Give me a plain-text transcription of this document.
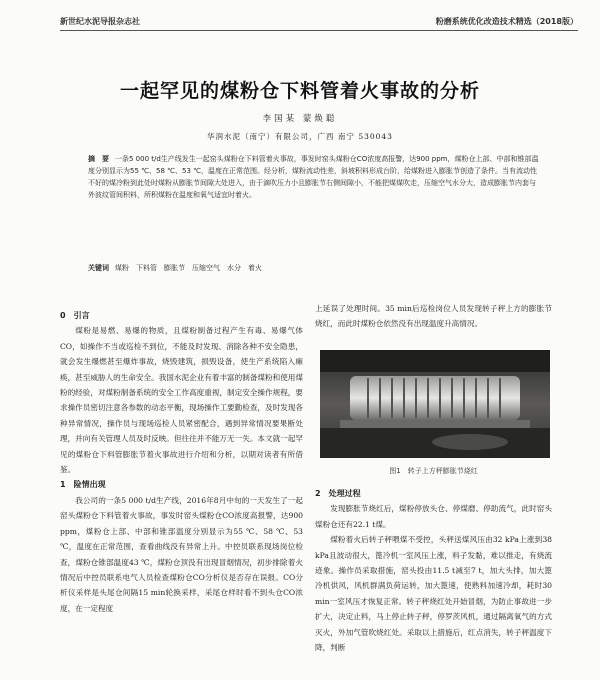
新世纪水泥导报杂志社	粉磨系统优化改造技术精选（2018版）
一起罕见的煤粉仓下料管着火事故的分析
李国某 蒙焕聪
华润水泥（南宁）有限公司，广西 南宁 530043
摘　要 一条5 000 t/d生产线发生一起窑头煤粉仓下料管着火事故，事发时窑头煤粉仓CO浓度高报警，达900 ppm，煤粉仓上部、中部和锥部温度分别显示为55 ℃、58 ℃、53 ℃，温度在正常范围。经分析，煤粉流动性差，斜坡积料形成台阶，给煤粉进入膨胀节创造了条件。当有流动性不好的煤冷粉到此处时煤粉从膨胀节间隙大处进入，由于滴吹压力小且膨胀节右侧间隙小，不能把煤煤吹走，压缩空气水分大，造成膨胀节内套与外波纹管间积料，所积煤粉在温度和氧气适宜时着火。
关键词 煤粉　下料管　膨胀节　压缩空气　水分　着火
0　引言

煤粉是易燃、易爆的物质，且煤粉制备过程产生有毒、易爆气体CO，如操作不当或巡检不到位，不能及时发现、消除各种不安全隐患，就会发生爆燃甚至爆炸事故，烧毁建筑，损毁设备，使生产系统陷入瘫痪，甚至威胁人的生命安全。我国水泥企业有着丰富的制备煤粉和使用煤粉的经验，对煤粉制备系统的安全工作高度重视，制定安全操作规程，要求操作员密切注意各参数的动态平衡，现场操作工要勤检查，及时发现各种异常情况，操作员与现场巡检人员紧密配合，遇到异常情况要果断处理，并向有关管理人员及时反映。但往往并不能万无一失。本文就一起罕见的煤粉仓下料管膨胀节着火事故进行介绍和分析，以期对读者有所借鉴。

1　险情出现

我公司的一条5 000 t/d生产线，2016年8月中旬的一天发生了一起窑头煤粉仓下料管着火事故，事发时窑头煤粉仓CO浓度高报警，达900 ppm，煤粉仓上部、中部和锥部温度分别显示为55 ℃、58 ℃、53 ℃，温度在正常范围，查看曲线没有异常上升。中控员联系现场岗位检查，煤粉仓锥部温度43 ℃，煤粉仓顶没有出现冒烟情况，初步排除着火情况后中控员联系电气人员检查煤粉仓CO分析仪是否存在误报。CO分析仪采样是头尾仓间隔15 min轮换采样，采尾仓样时看不到头仓CO浓度，在一定程度

上延误了处理时间。35 min后巡检岗位人员发现转子秤上方的膨胀节烧红，而此时煤粉仓依然没有出现温度升高情况。

图1　转子上方秤膨胀节烧红
2　处理过程

发现膨胀节烧红后，煤粉停放头仓、停煤磨、停助流气，此时窑头煤粉仓还有22.1 t煤。

煤粉着火后转子秤喂煤不受控，头秤送煤风压由32 kPa上涨到38 kPa且波动很大，篦冷机一室风压上涨，料子发黏，难以推走，有烧流迹象。操作员采取措施，窑头投由11.5 t减至7 t，加大头排，加大篦冷机供风，风机群满负荷运转，加大篦速，使熟料加速冷却，耗时30 min一室风压才恢复正常。转子秤烧红处开始冒烟，为防止事故进一步扩大，决定止料，马上停止转子秤，停罗茨风机，通过隔离氧气的方式灭火，外加气管吹烧红处。采取以上措施后，红点消失，转子秤温度下降，判断
